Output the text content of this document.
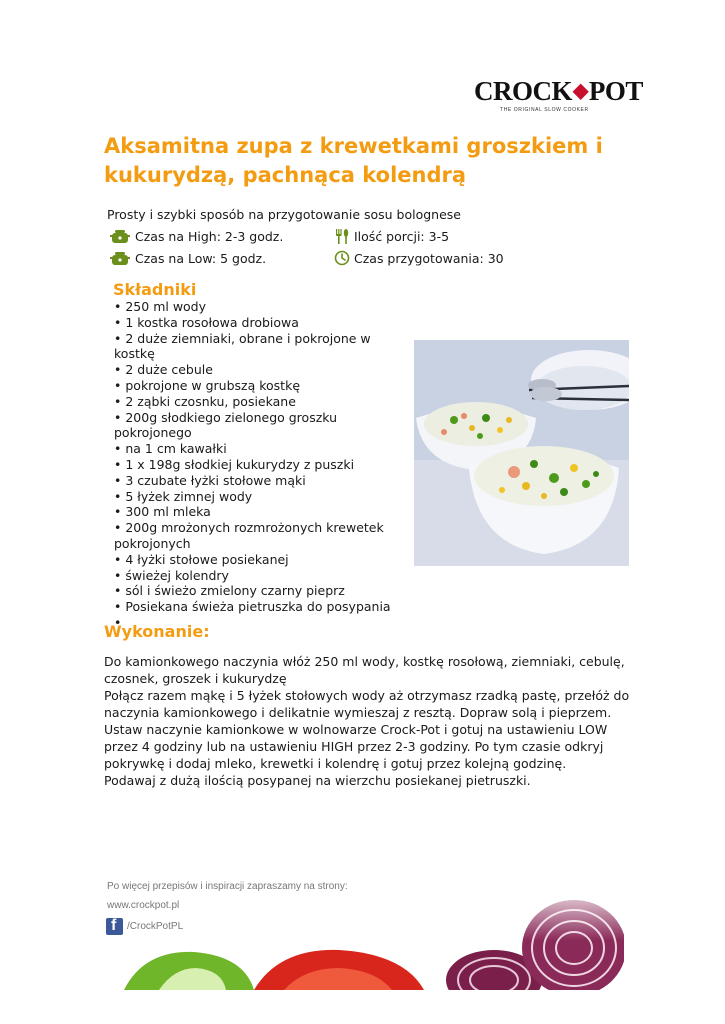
CROCK◆POT
THE ORIGINAL SLOW COOKER
Aksamitna zupa z krewetkami groszkiem i kukurydzą, pachnąca kolendrą
Prosty i szybki sposób na przygotowanie sosu bolognese
Czas na High: 2-3 godz.	Ilość porcji: 3-5
Czas na Low: 5 godz.	Czas przygotowania: 30
Składniki
• 250 ml wody
• 1 kostka rosołowa drobiowa
• 2 duże ziemniaki, obrane i pokrojone w kostkę
• 2 duże cebule
• pokrojone w grubszą kostkę
• 2 ząbki czosnku, posiekane
• 200g słodkiego zielonego groszku pokrojonego
• na 1 cm kawałki
• 1 x 198g słodkiej kukurydzy z puszki
• 3 czubate łyżki stołowe mąki
• 5 łyżek zimnej wody
• 300 ml mleka
• 200g mrożonych rozmrożonych krewetek pokrojonych
• 4 łyżki stołowe posiekanej
• świeżej kolendry
• sól i świeżo zmielony czarny pieprz
• Posiekana świeża pietruszka do posypania
•
Wykonanie:

Do kamionkowego naczynia włóż 250 ml wody, kostkę rosołową, ziemniaki, cebulę, czosnek, groszek i kukurydzę

Połącz razem mąkę i 5 łyżek stołowych wody aż otrzymasz rzadką pastę, przełóż do naczynia kamionkowego i delikatnie wymieszaj z resztą. Dopraw solą i pieprzem.

Ustaw naczynie kamionkowe w wolnowarze Crock-Pot i gotuj na ustawieniu LOW przez 4 godziny lub na ustawieniu HIGH przez 2-3 godziny. Po tym czasie odkryj pokrywkę i dodaj mleko, krewetki i kolendrę i gotuj przez kolejną godzinę.

Podawaj z dużą ilością posypanej na wierzchu posiekanej pietruszki.

Po więcej przepisów i inspiracji zapraszamy na strony:
www.crockpot.pl
f /CrockPotPL
